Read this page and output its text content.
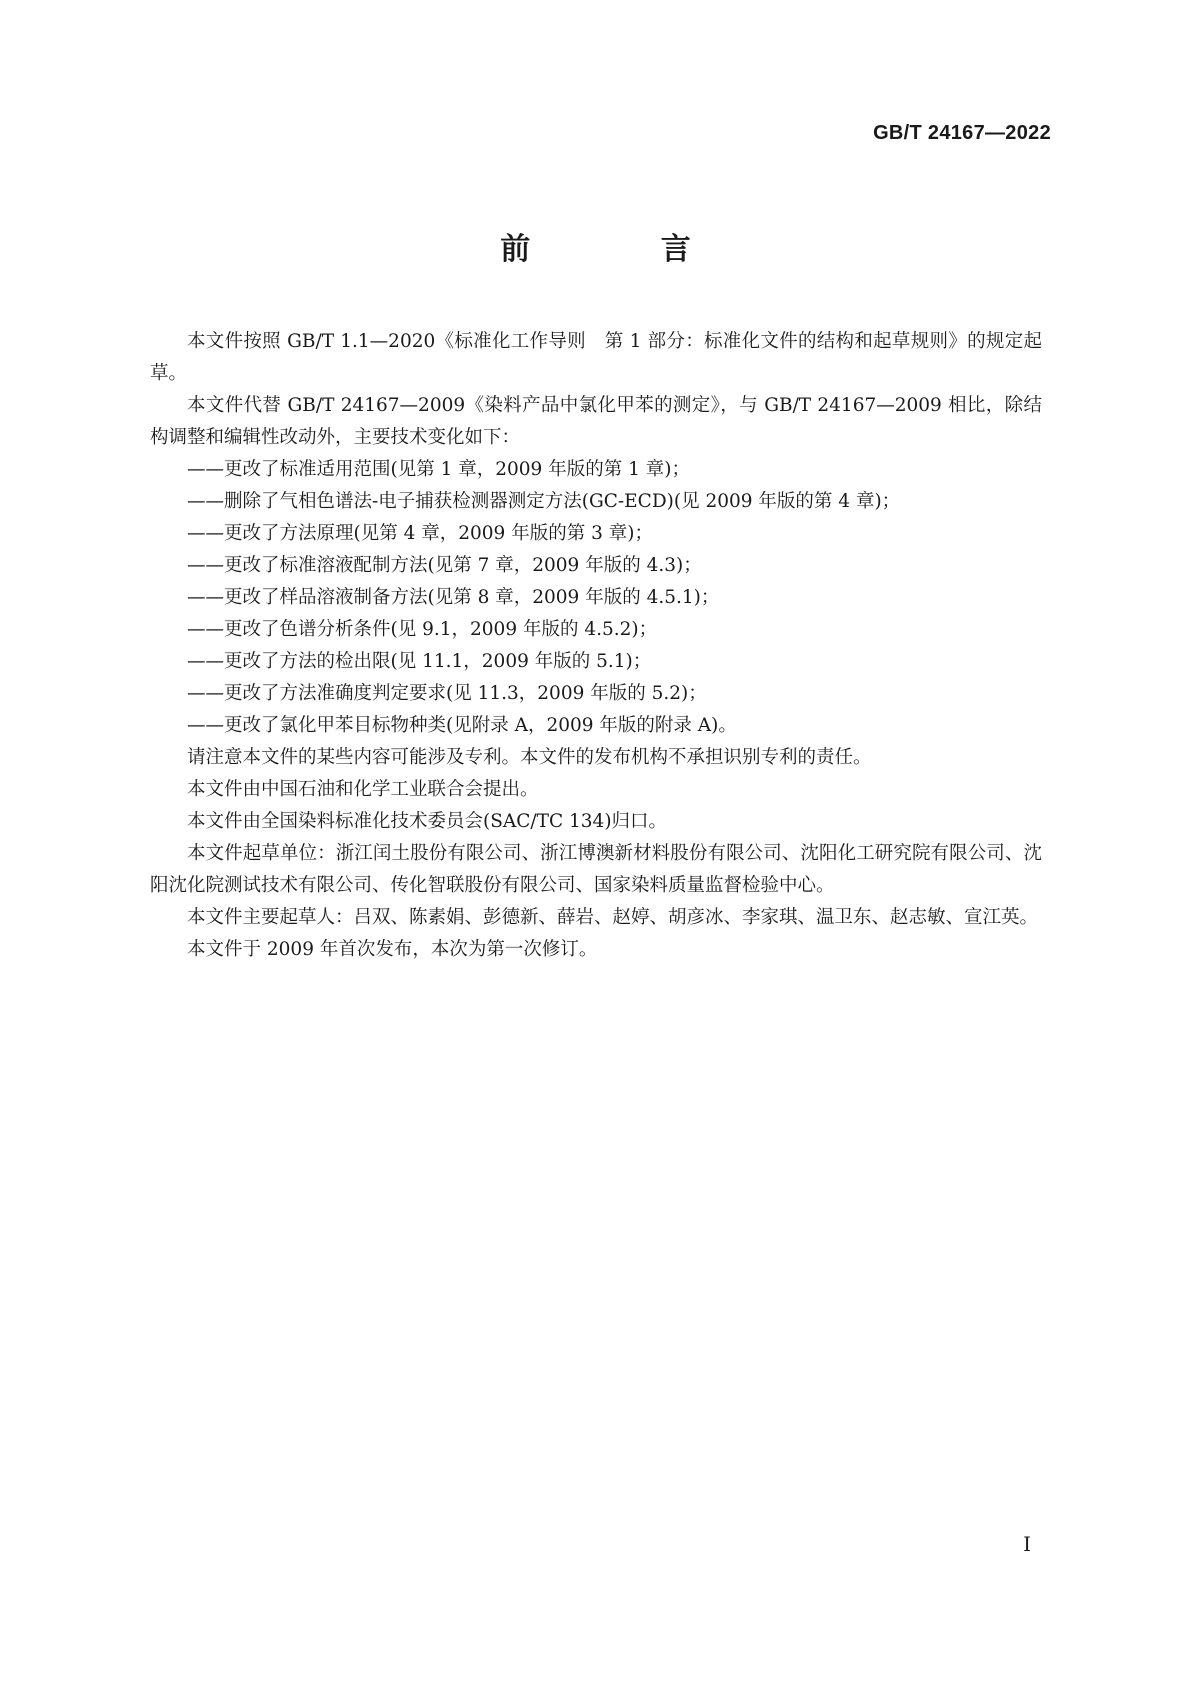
GB/T 24167—2022
前 言

本文件按照 GB/T 1.1—2020《标准化工作导则　第 1 部分：标准化文件的结构和起草规则》的规定起草。

本文件代替 GB/T 24167—2009《染料产品中氯化甲苯的测定》，与 GB/T 24167—2009 相比，除结构调整和编辑性改动外，主要技术变化如下：

——更改了标准适用范围(见第 1 章，2009 年版的第 1 章)；

——删除了气相色谱法-电子捕获检测器测定方法(GC-ECD)(见 2009 年版的第 4 章)；

——更改了方法原理(见第 4 章，2009 年版的第 3 章)；

——更改了标准溶液配制方法(见第 7 章，2009 年版的 4.3)；

——更改了样品溶液制备方法(见第 8 章，2009 年版的 4.5.1)；

——更改了色谱分析条件(见 9.1，2009 年版的 4.5.2)；

——更改了方法的检出限(见 11.1，2009 年版的 5.1)；

——更改了方法准确度判定要求(见 11.3，2009 年版的 5.2)；

——更改了氯化甲苯目标物种类(见附录 A，2009 年版的附录 A)。

请注意本文件的某些内容可能涉及专利。本文件的发布机构不承担识别专利的责任。

本文件由中国石油和化学工业联合会提出。

本文件由全国染料标准化技术委员会(SAC/TC 134)归口。

本文件起草单位：浙江闰土股份有限公司、浙江博澳新材料股份有限公司、沈阳化工研究院有限公司、沈阳沈化院测试技术有限公司、传化智联股份有限公司、国家染料质量监督检验中心。

本文件主要起草人：吕双、陈素娟、彭德新、薛岩、赵婷、胡彦冰、李家琪、温卫东、赵志敏、宣江英。

本文件于 2009 年首次发布，本次为第一次修订。

I
